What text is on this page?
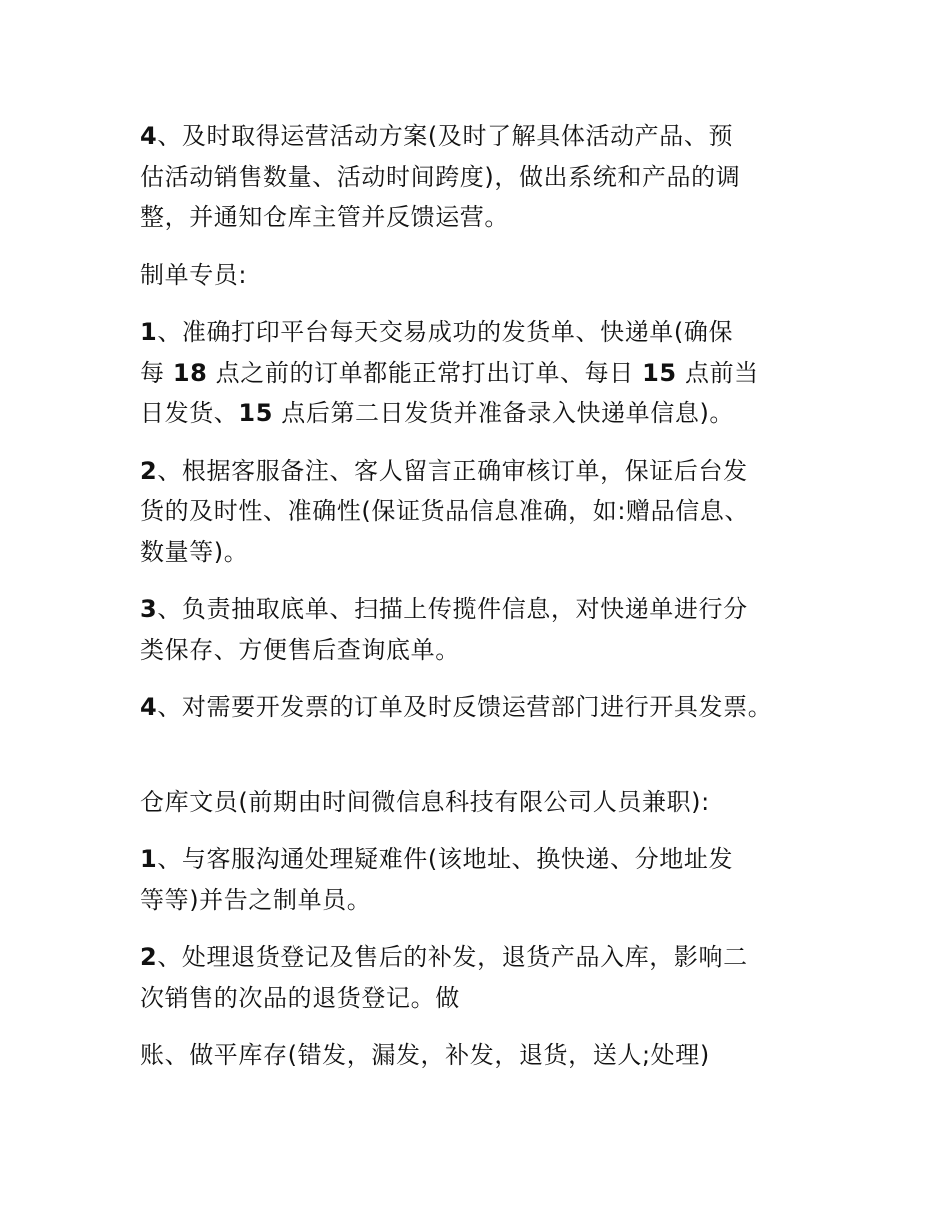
4、及时取得运营活动方案(及时了解具体活动产品、预
估活动销售数量、活动时间跨度)，做出系统和产品的调
整，并通知仓库主管并反馈运营。

制单专员:

1、准确打印平台每天交易成功的发货单、快递单(确保
每 18 点之前的订单都能正常打出订单、每日 15 点前当
日发货、15 点后第二日发货并准备录入快递单信息)。

2、根据客服备注、客人留言正确审核订单，保证后台发
货的及时性、准确性(保证货品信息准确，如:赠品信息、
数量等)。

3、负责抽取底单、扫描上传揽件信息，对快递单进行分
类保存、方便售后查询底单。

4、对需要开发票的订单及时反馈运营部门进行开具发票。

仓库文员(前期由时间微信息科技有限公司人员兼职):

1、与客服沟通处理疑难件(该地址、换快递、分地址发
等等)并告之制单员。

2、处理退货登记及售后的补发，退货产品入库，影响二
次销售的次品的退货登记。做

账、做平库存(错发，漏发，补发，退货，送人;处理)
